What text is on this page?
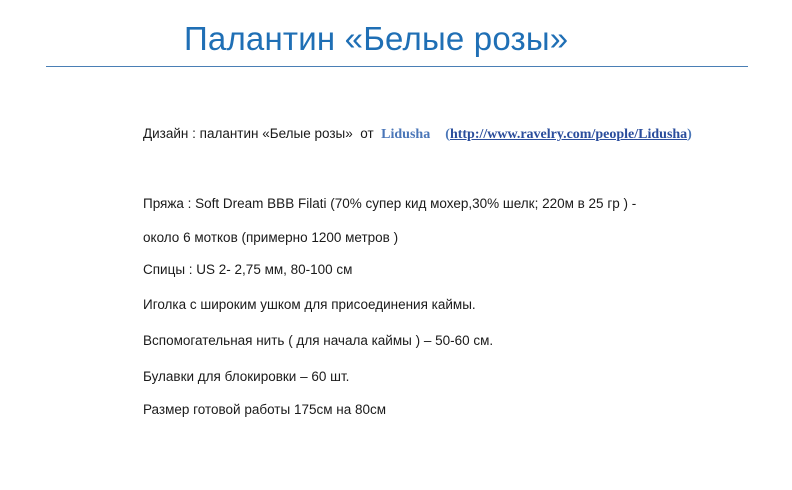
Палантин «Белые розы»
Дизайн : палантин «Белые розы»  от  Lidusha (http://www.ravelry.com/people/Lidusha)
Пряжа : Soft Dream BBB Filati (70% супер кид мохер,30% шелк; 220м в 25 гр ) -
около 6 мотков (примерно 1200 метров )
Спицы : US 2- 2,75 мм, 80-100 см
Иголка с широким ушком для присоединения каймы.
Вспомогательная нить ( для начала каймы ) – 50-60 см.
Булавки для блокировки – 60 шт.
Размер готовой работы 175см на 80см
